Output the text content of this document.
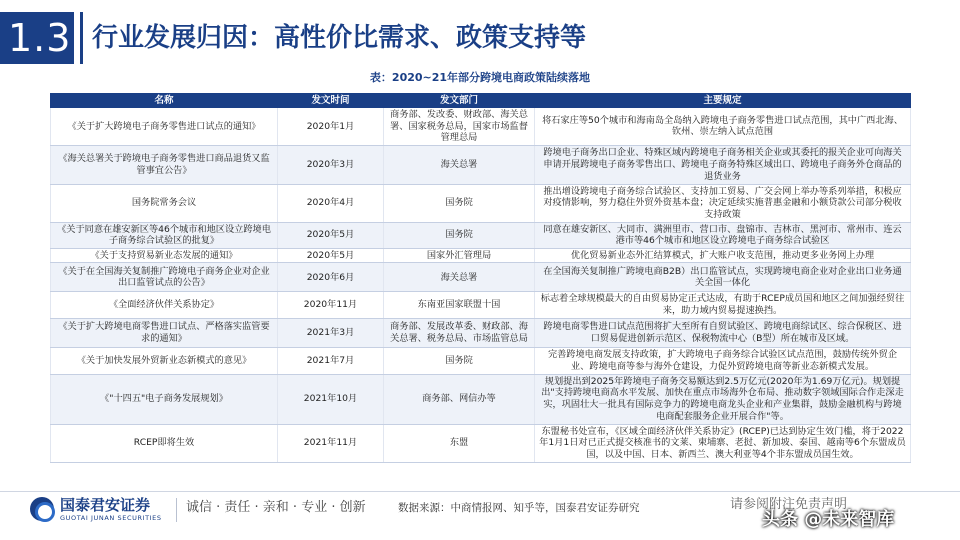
1.3 行业发展归因：高性价比需求、政策支持等
表：2020~21年部分跨境电商政策陆续落地
名称	发文时间	发文部门	主要规定
《关于扩大跨境电子商务零售进口试点的通知》	2020年1月	商务部、发改委、财政部、海关总署、国家税务总局，国家市场监督管理总局	将石家庄等50个城市和海南岛全岛纳入跨境电子商务零售进口试点范围，其中广西北海、钦州、崇左纳入试点范围
《海关总署关于跨境电子商务零售进口商品退货又监管事宜公告》	2020年3月	海关总署	跨境电子商务出口企业、特殊区域内跨境电子商务相关企业或其委托的报关企业可向海关申请开展跨境电子商务零售出口、跨境电子商务特殊区域出口、跨境电子商务外仓商品的退货业务
国务院常务会议	2020年4月	国务院	推出增设跨境电子商务综合试验区、支持加工贸易、广交会网上举办等系列举措，积极应对疫情影响，努力稳住外贸外资基本盘；决定延续实施普惠金融和小额贷款公司部分税收支持政策
《关于同意在雄安新区等46个城市和地区设立跨境电子商务综合试验区的批复》	2020年5月	国务院	同意在雄安新区、大同市、满洲里市、营口市、盘锦市、吉林市、黑河市、常州市、连云港市等46个城市和地区设立跨境电子商务综合试验区
《关于支持贸易新业态发展的通知》	2020年5月	国家外汇管理局	优化贸易新业态外汇结算模式，扩大账户收支范围，推动更多业务网上办理
《关于在全国海关复制推广跨境电子商务企业对企业出口监管试点的公告》	2020年6月	海关总署	在全国海关复制推广跨境电商B2B）出口监管试点，实现跨境电商企业对企业出口业务通关全国一体化
《全面经济伙伴关系协定》	2020年11月	东南亚国家联盟十国	标志着全球规模最大的自由贸易协定正式达成，有助于RCEP成员国和地区之间加强经贸往来，助力域内贸易提速换挡。
《关于扩大跨境电商零售进口试点、严格落实监管要求的通知》	2021年3月	商务部、发展改革委、财政部、海关总署、税务总局、市场监管总局	跨境电商零售进口试点范围将扩大至所有自贸试验区、跨境电商综试区、综合保税区、进口贸易促进创新示范区、保税物流中心（B型）所在城市及区域。
《关于加快发展外贸新业态新模式的意见》	2021年7月	国务院	完善跨境电商发展支持政策，扩大跨境电子商务综合试验区试点范围，鼓励传统外贸企业、跨境电商等参与海外仓建设，力促外贸跨境电商等新业态新模式发展。
《"十四五"电子商务发展规划》	2021年10月	商务部、网信办等	规划提出到2025年跨境电子商务交易额达到2.5万亿元(2020年为1.69万亿元)。规划提出"支持跨境电商高水平发展、加快在重点市场海外仓布局、推动数字领域国际合作走深走实，巩固壮大一批具有国际竞争力的跨境电商龙头企业和产业集群，鼓励金融机构与跨境电商配套服务企业开展合作"等。
RCEP即将生效	2021年11月	东盟	东盟秘书处宣布，《区域全面经济伙伴关系协定》(RCEP)已达到协定生效门槛，将于2022年1月1日对已正式提交核准书的文莱、柬埔寨、老挝、新加坡、泰国、越南等6个东盟成员国，以及中国、日本、新西兰、澳大利亚等4个非东盟成员国生效。
国泰君安证券
GUOTAI JUNAN SECURITIES
诚信 · 责任 · 亲和 · 专业 · 创新	数据来源：中商情报网、知乎等，国泰君安证券研究	请参阅附注免责声明
头条 @未来智库
